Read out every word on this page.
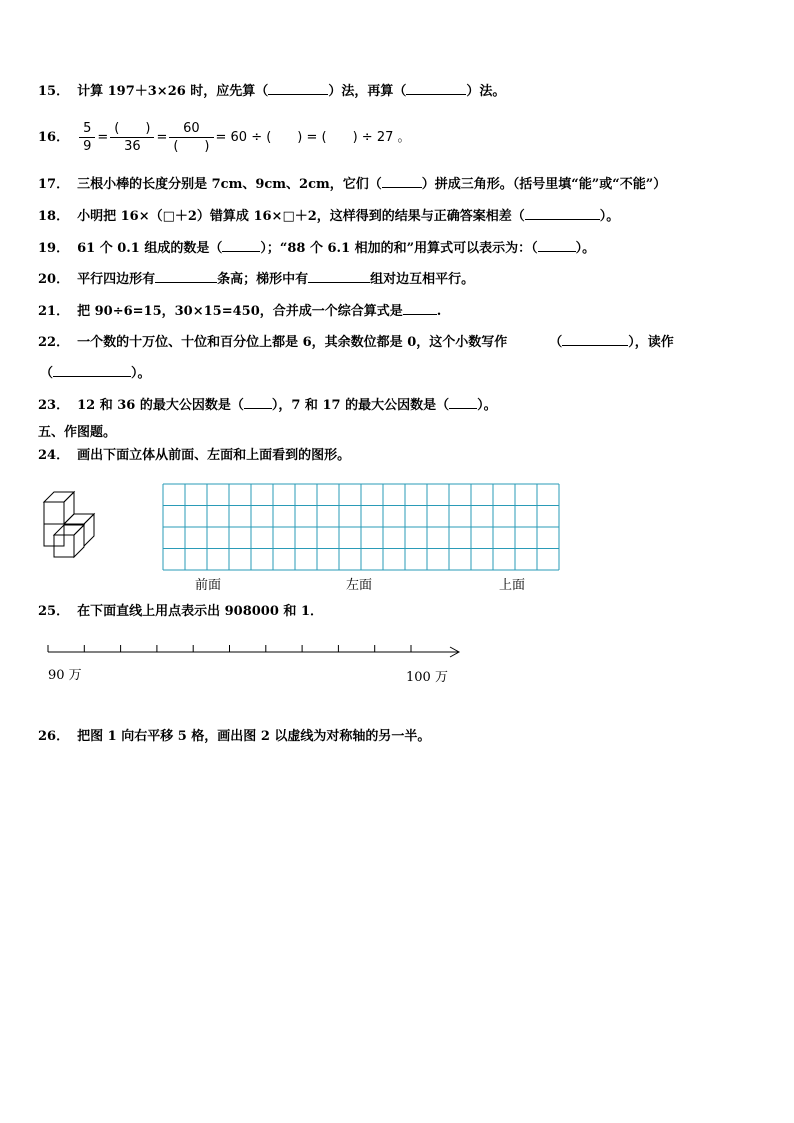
15． 计算 197＋3×26 时，应先算（	）法，再算（	）法。
16． $\frac{5}{9} = \frac{( )}{36} = \frac{60}{( )} = 60$ ÷ (　　) = (　　) ÷ 27 。
17． 三根小棒的长度分别是 7cm、9cm、2cm，它们（	）拼成三角形。（括号里填“能”或“不能”）
18． 小明把 16×（□＋2）错算成 16×□＋2，这样得到的结果与正确答案相差（	）。
19． 61 个 0.1 组成的数是（	）；“88 个 6.1 相加的和”用算式可以表示为：（	）。
20． 平行四边形有	条高；梯形中有	组对边互相平行。
21． 把 90÷6=15，30×15=450，合并成一个综合算式是	.
22． 一个数的十万位、十位和百分位上都是 6，其余数位都是 0，这个小数写作	（	），读作
（	）。
23． 12 和 36 的最大公因数是（ ），7 和 17 的最大公因数是（ ）。
五、作图题。
24． 画出下面立体从前面、左面和上面看到的图形。
前面	左面	上面
25． 在下面直线上用点表示出 908000 和 1．
90 万	100 万
26． 把图 1 向右平移 5 格，画出图 2 以虚线为对称轴的另一半。
